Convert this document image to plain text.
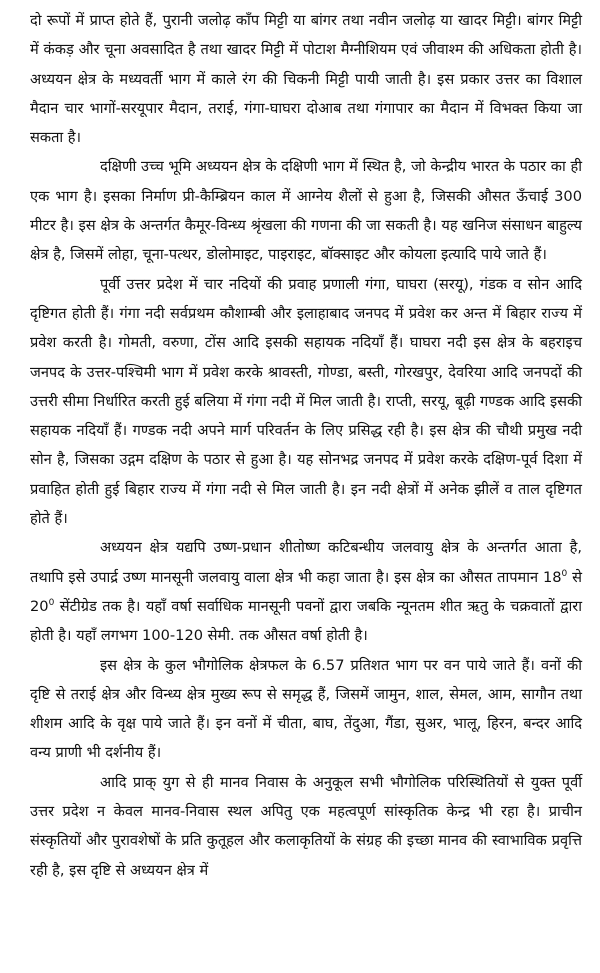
दो रूपों में प्राप्त होते हैं, पुरानी जलोढ़ काँप मिट्टी या बांगर तथा नवीन जलोढ़ या खादर मिट्टी। बांगर मिट्टी में कंकड़ और चूना अवसादित है तथा खादर मिट्टी में पोटाश मैग्नीशियम एवं जीवाश्म की अधिकता होती है। अध्ययन क्षेत्र के मध्यवर्ती भाग में काले रंग की चिकनी मिट्टी पायी जाती है। इस प्रकार उत्तर का विशाल मैदान चार भागों-सरयूपार मैदान, तराई, गंगा-घाघरा दोआब तथा गंगापार का मैदान में विभक्त किया जा सकता है।

दक्षिणी उच्च भूमि अध्ययन क्षेत्र के दक्षिणी भाग में स्थित है, जो केन्द्रीय भारत के पठार का ही एक भाग है। इसका निर्माण प्री-कैम्ब्रियन काल में आग्नेय शैलों से हुआ है, जिसकी औसत ऊँचाई 300 मीटर है। इस क्षेत्र के अन्तर्गत कैमूर-विन्ध्य श्रृंखला की गणना की जा सकती है। यह खनिज संसाधन बाहुल्य क्षेत्र है, जिसमें लोहा, चूना-पत्थर, डोलोमाइट, पाइराइट, बॉक्साइट और कोयला इत्यादि पाये जाते हैं।

पूर्वी उत्तर प्रदेश में चार नदियों की प्रवाह प्रणाली गंगा, घाघरा (सरयू), गंडक व सोन आदि दृष्टिगत होती हैं। गंगा नदी सर्वप्रथम कौशाम्बी और इलाहाबाद जनपद में प्रवेश कर अन्त में बिहार राज्य में प्रवेश करती है। गोमती, वरुणा, टोंस आदि इसकी सहायक नदियाँ हैं। घाघरा नदी इस क्षेत्र के बहराइच जनपद के उत्तर-पश्चिमी भाग में प्रवेश करके श्रावस्ती, गोण्डा, बस्ती, गोरखपुर, देवरिया आदि जनपदों की उत्तरी सीमा निर्धारित करती हुई बलिया में गंगा नदी में मिल जाती है। राप्ती, सरयू, बूढ़ी गण्डक आदि इसकी सहायक नदियाँ हैं। गण्डक नदी अपने मार्ग परिवर्तन के लिए प्रसिद्ध रही है। इस क्षेत्र की चौथी प्रमुख नदी सोन है, जिसका उद्गम दक्षिण के पठार से हुआ है। यह सोनभद्र जनपद में प्रवेश करके दक्षिण-पूर्व दिशा में प्रवाहित होती हुई बिहार राज्य में गंगा नदी से मिल जाती है। इन नदी क्षेत्रों में अनेक झीलें व ताल दृष्टिगत होते हैं।

अध्ययन क्षेत्र यद्यपि उष्ण-प्रधान शीतोष्ण कटिबन्धीय जलवायु क्षेत्र के अन्तर्गत आता है, तथापि इसे उपार्द्र उष्ण मानसूनी जलवायु वाला क्षेत्र भी कहा जाता है। इस क्षेत्र का औसत तापमान $18^0$ से $20^0$ सेंटीग्रेड तक है। यहाँ वर्षा सर्वाधिक मानसूनी पवनों द्वारा जबकि न्यूनतम शीत ऋतु के चक्रवातों द्वारा होती है। यहाँ लगभग 100-120 सेमी. तक औसत वर्षा होती है।

इस क्षेत्र के कुल भौगोलिक क्षेत्रफल के 6.57 प्रतिशत भाग पर वन पाये जाते हैं। वनों की दृष्टि से तराई क्षेत्र और विन्ध्य क्षेत्र मुख्य रूप से समृद्ध हैं, जिसमें जामुन, शाल, सेमल, आम, सागौन तथा शीशम आदि के वृक्ष पाये जाते हैं। इन वनों में चीता, बाघ, तेंदुआ, गैंडा, सुअर, भालू, हिरन, बन्दर आदि वन्य प्राणी भी दर्शनीय हैं।

आदि प्राक् युग से ही मानव निवास के अनुकूल सभी भौगोलिक परिस्थितियों से युक्त पूर्वी उत्तर प्रदेश न केवल मानव-निवास स्थल अपितु एक महत्वपूर्ण सांस्कृतिक केन्द्र भी रहा है। प्राचीन संस्कृतियों और पुरावशेषों के प्रति कुतूहल और कलाकृतियों के संग्रह की इच्छा मानव की स्वाभाविक प्रवृत्ति रही है, इस दृष्टि से अध्ययन क्षेत्र में
